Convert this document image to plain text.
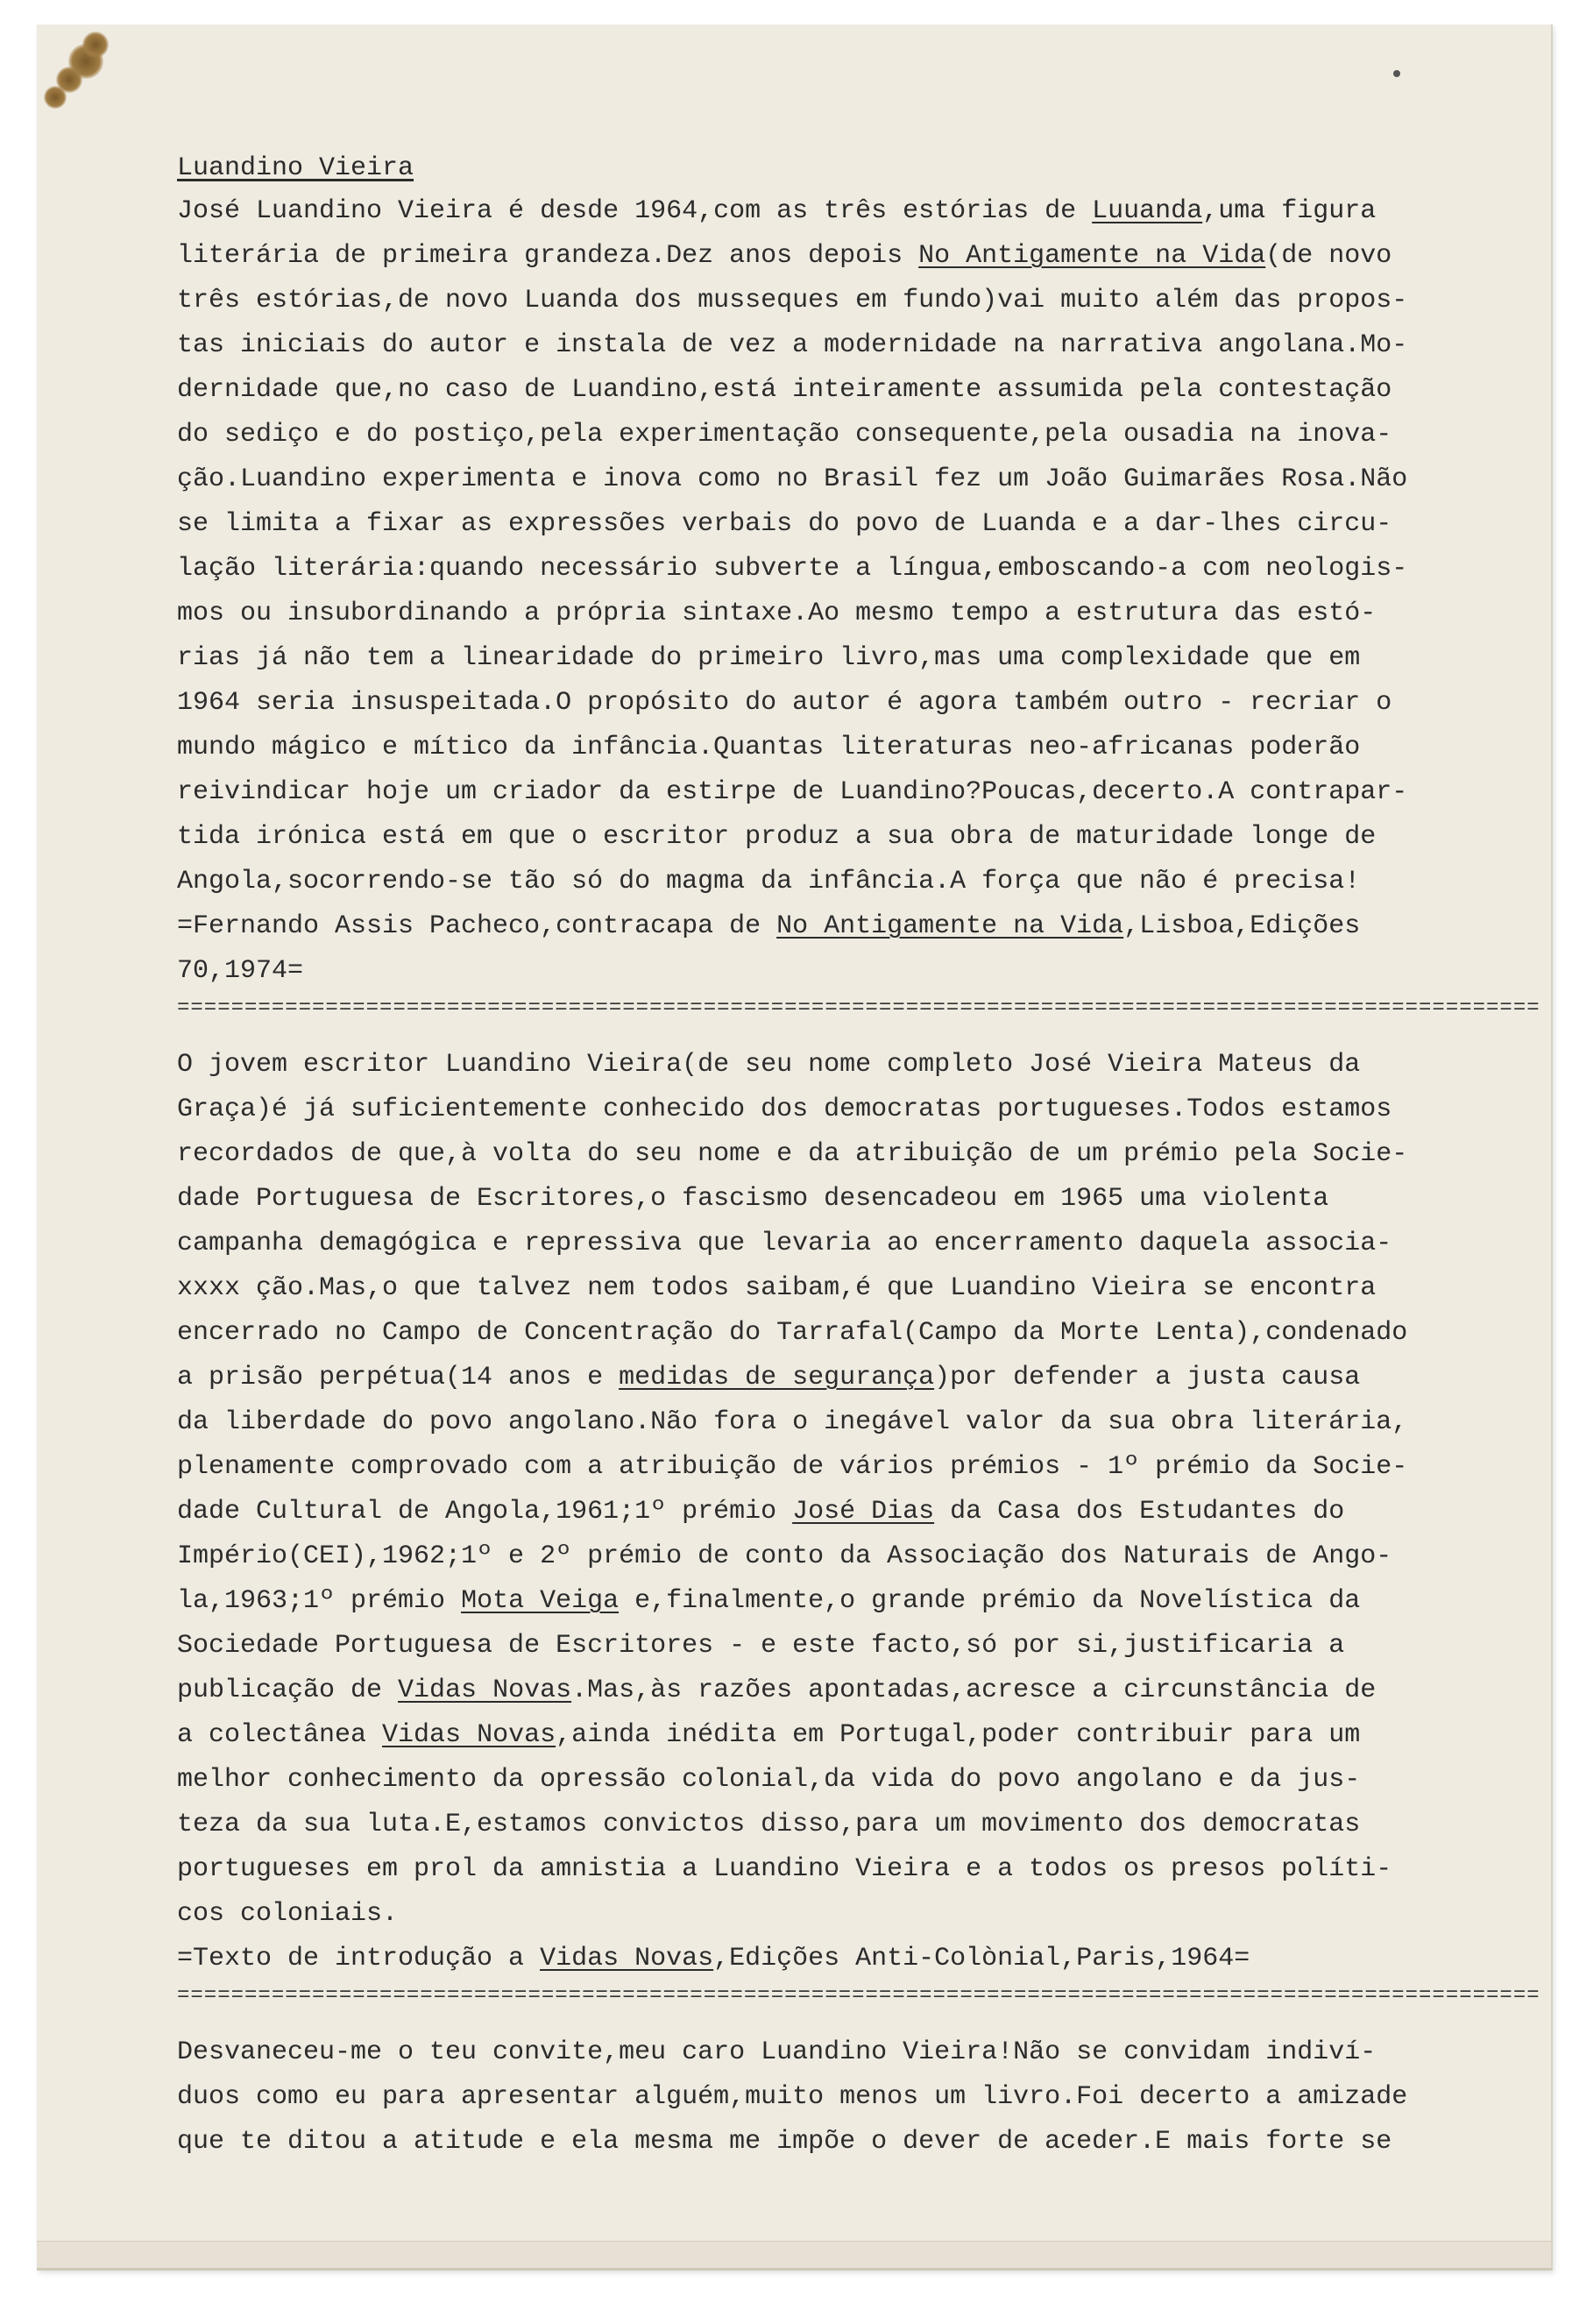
Luandino Vieira
José Luandino Vieira é desde 1964,com as três estórias de Luuanda,uma figura
literária de primeira grandeza.Dez anos depois No Antigamente na Vida(de novo
três estórias,de novo Luanda dos musseques em fundo)vai muito além das propos-
tas iniciais do autor e instala de vez a modernidade na narrativa angolana.Mo-
dernidade que,no caso de Luandino,está inteiramente assumida pela contestação
do sediço e do postiço,pela experimentação consequente,pela ousadia na inova-
ção.Luandino experimenta e inova como no Brasil fez um João Guimarães Rosa.Não
se limita a fixar as expressões verbais do povo de Luanda e a dar-lhes circu-
lação literária:quando necessário subverte a língua,emboscando-a com neologis-
mos ou insubordinando a própria sintaxe.Ao mesmo tempo a estrutura das estó-
rias já não tem a linearidade do primeiro livro,mas uma complexidade que em
1964 seria insuspeitada.O propósito do autor é agora também outro - recriar o
mundo mágico e mítico da infância.Quantas literaturas neo-africanas poderão
reivindicar hoje um criador da estirpe de Luandino?Poucas,decerto.A contrapar-
tida irónica está em que o escritor produz a sua obra de maturidade longe de
Angola,socorrendo-se tão só do magma da infância.A força que não é precisa!
=Fernando Assis Pacheco,contracapa de No Antigamente na Vida,Lisboa,Edições
70,1974=
=====================================================================================================
O jovem escritor Luandino Vieira(de seu nome completo José Vieira Mateus da
Graça)é já suficientemente conhecido dos democratas portugueses.Todos estamos
recordados de que,à volta do seu nome e da atribuição de um prémio pela Socie-
dade Portuguesa de Escritores,o fascismo desencadeou em 1965 uma violenta
campanha demagógica e repressiva que levaria ao encerramento daquela associa-
xxxx ção.Mas,o que talvez nem todos saibam,é que Luandino Vieira se encontra
encerrado no Campo de Concentração do Tarrafal(Campo da Morte Lenta),condenado
a prisão perpétua(14 anos e medidas de segurança)por defender a justa causa
da liberdade do povo angolano.Não fora o inegável valor da sua obra literária,
plenamente comprovado com a atribuição de vários prémios - 1º prémio da Socie-
dade Cultural de Angola,1961;1º prémio José Dias da Casa dos Estudantes do
Império(CEI),1962;1º e 2º prémio de conto da Associação dos Naturais de Ango-
la,1963;1º prémio Mota Veiga e,finalmente,o grande prémio da Novelística da
Sociedade Portuguesa de Escritores - e este facto,só por si,justificaria a
publicação de Vidas Novas.Mas,às razões apontadas,acresce a circunstância de
a colectânea Vidas Novas,ainda inédita em Portugal,poder contribuir para um
melhor conhecimento da opressão colonial,da vida do povo angolano e da jus-
teza da sua luta.E,estamos convictos disso,para um movimento dos democratas
portugueses em prol da amnistia a Luandino Vieira e a todos os presos políti-
cos coloniais.
=Texto de introdução a Vidas Novas,Edições Anti-Colònial,Paris,1964=
=====================================================================================================
Desvaneceu-me o teu convite,meu caro Luandino Vieira!Não se convidam indiví-
duos como eu para apresentar alguém,muito menos um livro.Foi decerto a amizade
que te ditou a atitude e ela mesma me impõe o dever de aceder.E mais forte se
